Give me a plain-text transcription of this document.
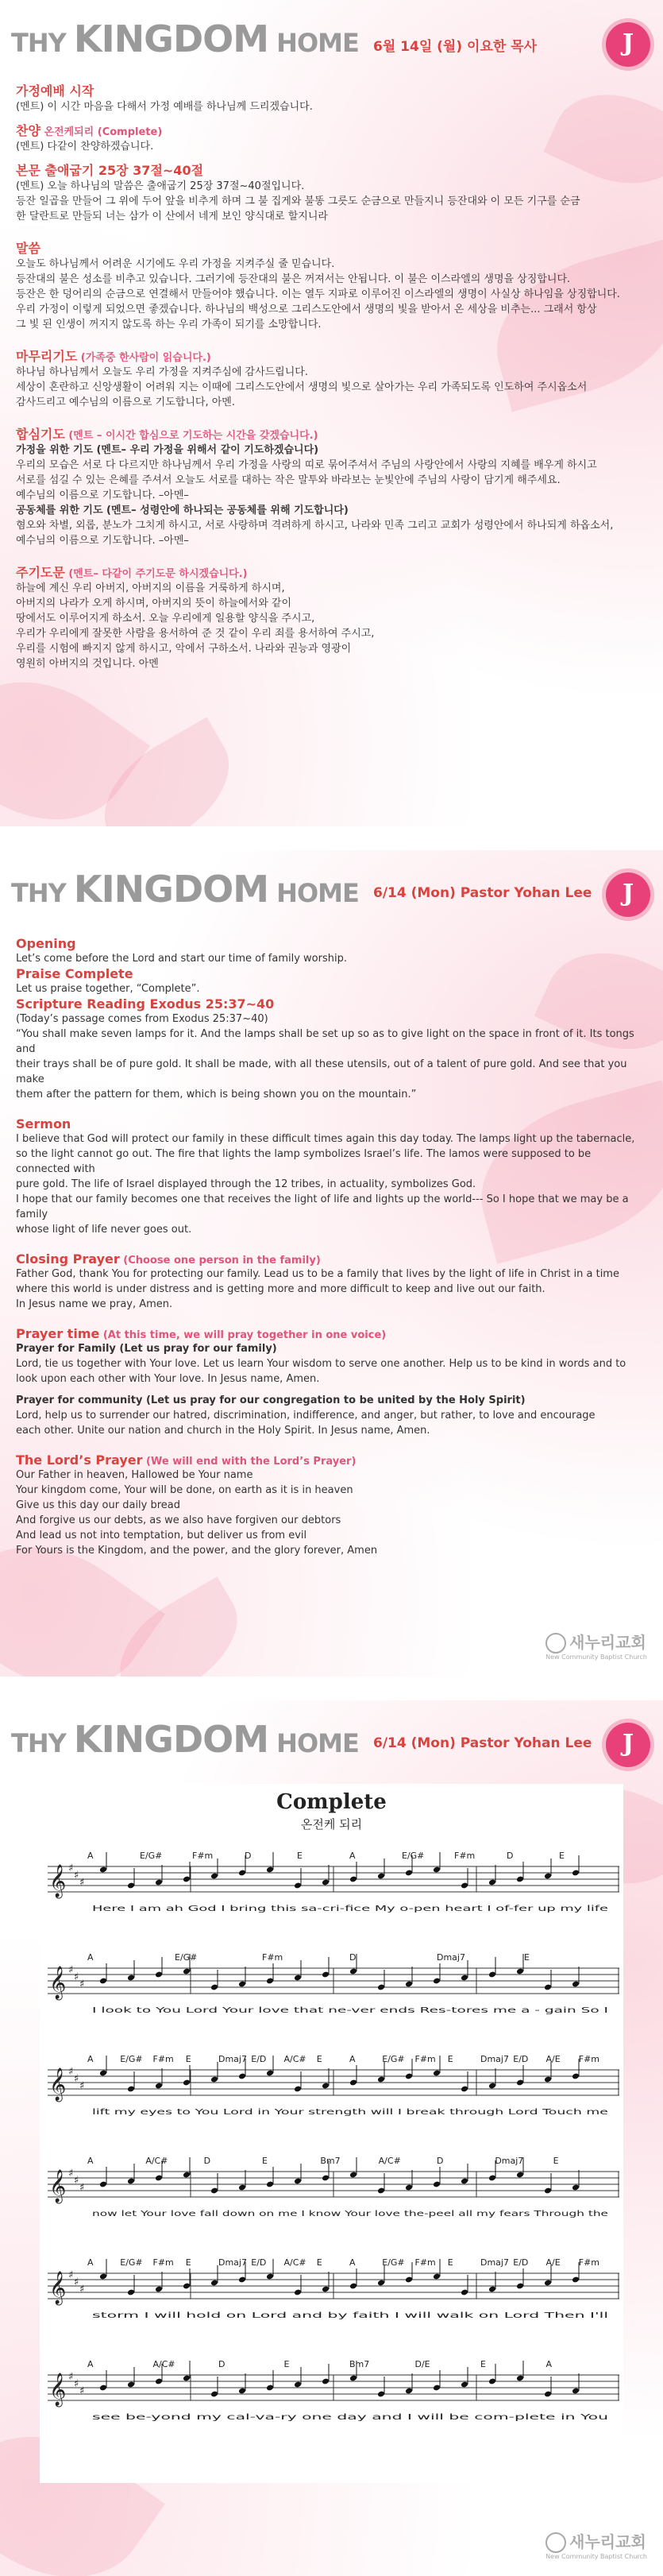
THY KINGDOM HOME 6월 14일 (월) 이요한 목사	J

가정예배 시작

(멘트) 이 시간 마음을 다해서 가정 예배를 하나님께 드리겠습니다.

찬양 온전케되리 (Complete)

(멘트) 다같이 찬양하겠습니다.

본문 출애굽기 25장 37절~40절

(멘트) 오늘 하나님의 말씀은 출애굽기 25장 37절~40절입니다.

등잔 일곱을 만들어 그 위에 두어 앞을 비추게 하며 그 불 집게와 불똥 그릇도 순금으로 만들지니 등잔대와 이 모든 기구를 순금

한 달란트로 만들되 너는 삼가 이 산에서 네게 보인 양식대로 할지니라

말씀

오늘도 하나님께서 어려운 시기에도 우리 가정을 지켜주실 줄 믿습니다.

등잔대의 불은 성소를 비추고 있습니다. 그러기에 등잔대의 불은 꺼져서는 안됩니다. 이 불은 이스라엘의 생명을 상징합니다.

등잔은 한 덩어리의 순금으로 연결해서 만들어야 했습니다. 이는 열두 지파로 이루어진 이스라엘의 생명이 사실상 하나임을 상징합니다.

우리 가정이 이렇게 되었으면 좋겠습니다. 하나님의 백성으로 그리스도안에서 생명의 빛을 받아서 온 세상을 비추는... 그래서 항상

그 빛 된 인생이 꺼지지 않도록 하는 우리 가족이 되기를 소망합니다.

마무리기도 (가족중 한사람이 읽습니다.)

하나님 하나님께서 오늘도 우리 가정을 지켜주심에 감사드립니다.

세상이 혼란하고 신앙생활이 어려워 지는 이때에 그리스도안에서 생명의 빛으로 살아가는 우리 가족되도록 인도하여 주시옵소서

감사드리고 예수님의 이름으로 기도합니다, 아멘.

합심기도 (멘트 – 이시간 합심으로 기도하는 시간을 갖겠습니다.)

가정을 위한 기도 (멘트– 우리 가정을 위해서 같이 기도하겠습니다)

우리의 모습은 서로 다 다르지만 하나님께서 우리 가정을 사랑의 띠로 묶어주셔서 주님의 사랑안에서 사랑의 지혜를 배우게 하시고

서로를 섬길 수 있는 은혜를 주셔서 오늘도 서로를 대하는 작은 말투와 바라보는 눈빛안에 주님의 사랑이 담기게 해주세요.

예수님의 이름으로 기도합니다. –아멘–

공동체를 위한 기도 (멘트– 성령안에 하나되는 공동체를 위해 기도합니다)

혐오와 차별, 외롭, 분노가 그치게 하시고, 서로 사랑하며 격려하게 하시고, 나라와 민족 그리고 교회가 성령안에서 하나되게 하옵소서,

예수님의 이름으로 기도합니다. –아멘–

주기도문 (멘트– 다같이 주기도문 하시겠습니다.)

하늘에 계신 우리 아버지, 아버지의 이름을 거룩하게 하시며,

아버지의 나라가 오게 하시며, 아버지의 뜻이 하늘에서와 같이

땅에서도 이루어지게 하소서. 오늘 우리에게 일용할 양식을 주시고,

우리가 우리에게 잘못한 사람을 용서하여 준 것 같이 우리 죄를 용서하여 주시고,

우리를 시험에 빠지지 않게 하시고, 악에서 구하소서. 나라와 권능과 영광이

영원히 아버지의 것입니다. 아멘

THY KINGDOM HOME 6/14 (Mon) Pastor Yohan Lee	J

Opening

Let’s come before the Lord and start our time of family worship.

Praise Complete

Let us praise together, “Complete”.

Scripture Reading Exodus 25:37~40

(Today’s passage comes from Exodus 25:37~40)

“You shall make seven lamps for it. And the lamps shall be set up so as to give light on the space in front of it. Its tongs and

their trays shall be of pure gold. It shall be made, with all these utensils, out of a talent of pure gold. And see that you make

them after the pattern for them, which is being shown you on the mountain.”

Sermon

I believe that God will protect our family in these difficult times again this day today. The lamps light up the tabernacle,

so the light cannot go out. The fire that lights the lamp symbolizes Israel’s life. The lamos were supposed to be connected with

pure gold. The life of Israel displayed through the 12 tribes, in actuality, symbolizes God.

I hope that our family becomes one that receives the light of life and lights up the world--- So I hope that we may be a family

whose light of life never goes out.

Closing Prayer (Choose one person in the family)

Father God, thank You for protecting our family. Lead us to be a family that lives by the light of life in Christ in a time

where this world is under distress and is getting more and more difficult to keep and live out our faith.

In Jesus name we pray, Amen.

Prayer time (At this time, we will pray together in one voice)

Prayer for Family (Let us pray for our family)

Lord, tie us together with Your love. Let us learn Your wisdom to serve one another. Help us to be kind in words and to

look upon each other with Your love. In Jesus name, Amen.

Prayer for community (Let us pray for our congregation to be united by the Holy Spirit)

Lord, help us to surrender our hatred, discrimination, indifference, and anger, but rather, to love and encourage

each other. Unite our nation and church in the Holy Spirit. In Jesus name, Amen.

The Lord’s Prayer (We will end with the Lord’s Prayer)

Our Father in heaven, Hallowed be Your name

Your kingdom come, Your will be done, on earth as it is in heaven

Give us this day our daily bread

And forgive us our debts, as we also have forgiven our debtors

And lead us not into temptation, but deliver us from evil

For Yours is the Kingdom, and the power, and the glory forever, Amen

새누리교회
New Community Baptist Church
THY KINGDOM HOME 6/14 (Mon) Pastor Yohan Lee	J
Complete
온전케 되리
A	E/G#	F#m	D	E	A	E/G#	F#m	D	E
𝄞 ♯
♯
♯
Here I am ah God I bring this sa-cri-fice My o-pen heart I of-fer up my life
A	E/G#	F#m	D	Dmaj7	E
𝄞 ♯
♯
♯
I look to You Lord Your love that ne-ver ends Res-tores me a - gain So I
A	E/G# F#m E	Dmaj7 E/D A/C# E	A	E/G# F#m E	Dmaj7 E/D A/E F#m
𝄞 ♯
♯
♯
lift my eyes to You Lord in Your strength will I break through Lord Touch me
A	A/C#	D	E	Bm7	A/C#	D	Dmaj7	E
𝄞 ♯
♯
♯
now let Your love fall down on me I know Your love the-peel all my fears Through the
A	E/G# F#m E	Dmaj7 E/D A/C# E	A	E/G# F#m E	Dmaj7 E/D A/E F#m
𝄞 ♯
♯
♯
storm I will hold on Lord and by faith I will walk on Lord Then I'll
A	A/C#	D	E	Bm7	D/E	E	A
𝄞 ♯
♯
♯
see be-yond my cal-va-ry one day and I will be com-plete in You
새누리교회
New Community Baptist Church
